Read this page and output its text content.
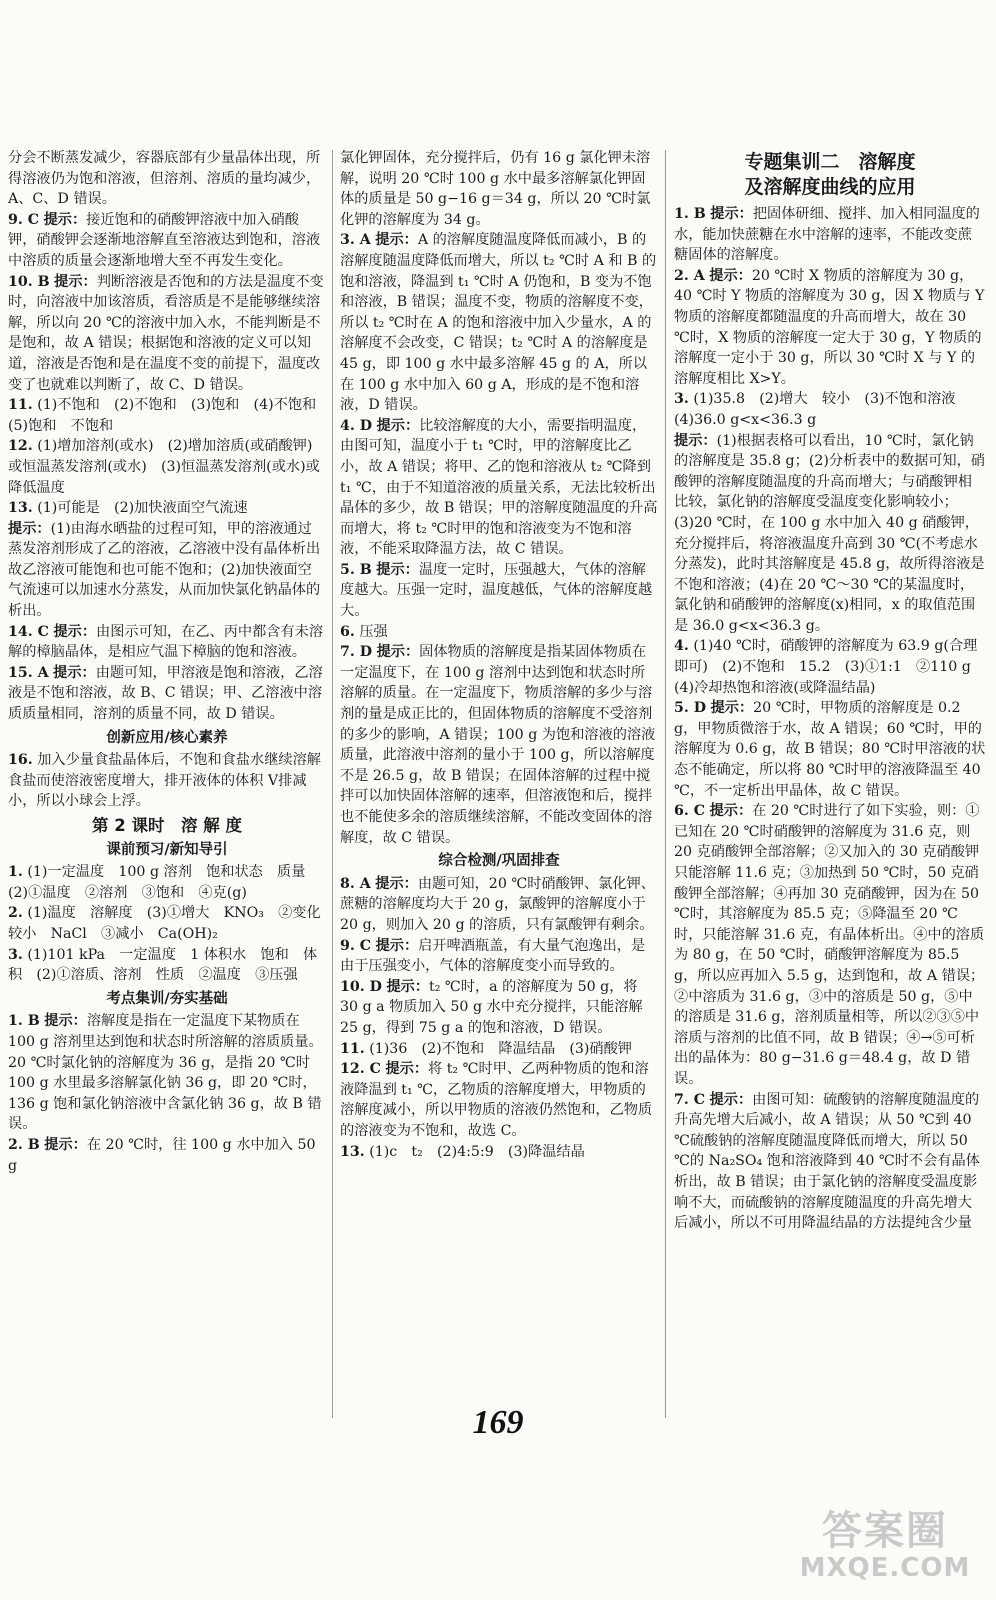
分会不断蒸发减少，容器底部有少量晶体出现，所得溶液仍为饱和溶液，但溶剂、溶质的量均减少，A、C、D 错误。

9. C 提示：接近饱和的硝酸钾溶液中加入硝酸钾，硝酸钾会逐渐地溶解直至溶液达到饱和，溶液中溶质的质量会逐渐地增大至不再发生变化。

10. B 提示：判断溶液是否饱和的方法是温度不变时，向溶液中加该溶质，看溶质是不是能够继续溶解，所以向 20 ℃的溶液中加入水，不能判断是不是饱和，故 A 错误；根据饱和溶液的定义可以知道，溶液是否饱和是在温度不变的前提下，温度改变了也就难以判断了，故 C、D 错误。

11. (1)不饱和　(2)不饱和　(3)饱和　(4)不饱和　(5)饱和　不饱和

12. (1)增加溶剂(或水)　(2)增加溶质(或硝酸钾)或恒温蒸发溶剂(或水)　(3)恒温蒸发溶剂(或水)或降低温度

13. (1)可能是　(2)加快液面空气流速

提示：(1)由海水晒盐的过程可知，甲的溶液通过蒸发溶剂形成了乙的溶液，乙溶液中没有晶体析出故乙溶液可能饱和也可能不饱和；(2)加快液面空气流速可以加速水分蒸发，从而加快氯化钠晶体的析出。

14. C 提示：由图示可知，在乙、丙中都含有未溶解的樟脑晶体，是相应气温下樟脑的饱和溶液。

15. A 提示：由题可知，甲溶液是饱和溶液，乙溶液是不饱和溶液，故 B、C 错误；甲、乙溶液中溶质质量相同，溶剂的质量不同，故 D 错误。

创新应用/核心素养

16. 加入少量食盐晶体后，不饱和食盐水继续溶解食盐而使溶液密度增大，排开液体的体积 V排减小，所以小球会上浮。

第 2 课时　溶 解 度
课前预习/新知导引

1. (1)一定温度　100 g 溶剂　饱和状态　质量　(2)①温度　②溶剂　③饱和　④克(g)

2. (1)温度　溶解度　(3)①增大　KNO₃　②变化较小　NaCl　③减小　Ca(OH)₂

3. (1)101 kPa　一定温度　1 体积水　饱和　体积　(2)①溶质、溶剂　性质　②温度　③压强

考点集训/夯实基础

1. B 提示：溶解度是指在一定温度下某物质在 100 g 溶剂里达到饱和状态时所溶解的溶质质量。20 ℃时氯化钠的溶解度为 36 g，是指 20 ℃时 100 g 水里最多溶解氯化钠 36 g，即 20 ℃时，136 g 饱和氯化钠溶液中含氯化钠 36 g，故 B 错误。

2. B 提示：在 20 ℃时，往 100 g 水中加入 50 g

氯化钾固体，充分搅拌后，仍有 16 g 氯化钾未溶解，说明 20 ℃时 100 g 水中最多溶解氯化钾固体的质量是 50 g−16 g＝34 g，所以 20 ℃时氯化钾的溶解度为 34 g。

3. A 提示：A 的溶解度随温度降低而减小，B 的溶解度随温度降低而增大，所以 t₂ ℃时 A 和 B 的饱和溶液，降温到 t₁ ℃时 A 仍饱和，B 变为不饱和溶液，B 错误；温度不变，物质的溶解度不变，所以 t₂ ℃时在 A 的饱和溶液中加入少量水，A 的溶解度不会改变，C 错误；t₂ ℃时 A 的溶解度是 45 g，即 100 g 水中最多溶解 45 g 的 A，所以在 100 g 水中加入 60 g A，形成的是不饱和溶液，D 错误。

4. D 提示：比较溶解度的大小，需要指明温度，由图可知，温度小于 t₁ ℃时，甲的溶解度比乙小，故 A 错误；将甲、乙的饱和溶液从 t₂ ℃降到 t₁ ℃，由于不知道溶液的质量关系，无法比较析出晶体的多少，故 B 错误；甲的溶解度随温度的升高而增大，将 t₂ ℃时甲的饱和溶液变为不饱和溶液，不能采取降温方法，故 C 错误。

5. B 提示：温度一定时，压强越大，气体的溶解度越大。压强一定时，温度越低，气体的溶解度越大。

6. 压强

7. D 提示：固体物质的溶解度是指某固体物质在一定温度下，在 100 g 溶剂中达到饱和状态时所溶解的质量。在一定温度下，物质溶解的多少与溶剂的量是成正比的，但固体物质的溶解度不受溶剂的多少的影响，A 错误；100 g 为饱和溶液的溶液质量，此溶液中溶剂的量小于 100 g，所以溶解度不是 26.5 g，故 B 错误；在固体溶解的过程中搅拌可以加快固体溶解的速率，但溶液饱和后，搅拌也不能使多余的溶质继续溶解，不能改变固体的溶解度，故 C 错误。

综合检测/巩固排查

8. A 提示：由题可知，20 ℃时硝酸钾、氯化钾、蔗糖的溶解度均大于 20 g，氯酸钾的溶解度小于 20 g，则加入 20 g 的溶质，只有氯酸钾有剩余。

9. C 提示：启开啤酒瓶盖，有大量气泡逸出，是由于压强变小，气体的溶解度变小而导致的。

10. D 提示：t₂ ℃时，a 的溶解度为 50 g，将 30 g a 物质加入 50 g 水中充分搅拌，只能溶解 25 g，得到 75 g a 的饱和溶液，D 错误。

11. (1)36　(2)不饱和　降温结晶　(3)硝酸钾

12. C 提示：将 t₂ ℃时甲、乙两种物质的饱和溶液降温到 t₁ ℃，乙物质的溶解度增大，甲物质的溶解度减小，所以甲物质的溶液仍然饱和，乙物质的溶液变为不饱和，故选 C。

13. (1)c　t₂　(2)4:5:9　(3)降温结晶

专题集训二　溶解度
及溶解度曲线的应用

1. B 提示：把固体研细、搅拌、加入相同温度的水，能加快蔗糖在水中溶解的速率，不能改变蔗糖固体的溶解度。

2. A 提示：20 ℃时 X 物质的溶解度为 30 g，40 ℃时 Y 物质的溶解度为 30 g，因 X 物质与 Y 物质的溶解度都随温度的升高而增大，故在 30 ℃时，X 物质的溶解度一定大于 30 g，Y 物质的溶解度一定小于 30 g，所以 30 ℃时 X 与 Y 的溶解度相比 X>Y。

3. (1)35.8　(2)增大　较小　(3)不饱和溶液　(4)36.0 g<x<36.3 g

提示：(1)根据表格可以看出，10 ℃时，氯化钠的溶解度是 35.8 g；(2)分析表中的数据可知，硝酸钾的溶解度随温度的升高而增大；与硝酸钾相比较，氯化钠的溶解度受温度变化影响较小；(3)20 ℃时，在 100 g 水中加入 40 g 硝酸钾，充分搅拌后，将溶液温度升高到 30 ℃(不考虑水分蒸发)，此时其溶解度是 45.8 g，故所得溶液是不饱和溶液；(4)在 20 ℃～30 ℃的某温度时，氯化钠和硝酸钾的溶解度(x)相同，x 的取值范围是 36.0 g<x<36.3 g。

4. (1)40 ℃时，硝酸钾的溶解度为 63.9 g(合理即可)　(2)不饱和　15.2　(3)①1:1　②110 g　(4)冷却热饱和溶液(或降温结晶)

5. D 提示：20 ℃时，甲物质的溶解度是 0.2 g，甲物质微溶于水，故 A 错误；60 ℃时，甲的溶解度为 0.6 g，故 B 错误；80 ℃时甲溶液的状态不能确定，所以将 80 ℃时甲的溶液降温至 40 ℃，不一定析出甲晶体，故 C 错误。

6. C 提示：在 20 ℃时进行了如下实验，则：①已知在 20 ℃时硝酸钾的溶解度为 31.6 克，则 20 克硝酸钾全部溶解；②又加入的 30 克硝酸钾只能溶解 11.6 克；③加热到 50 ℃时，50 克硝酸钾全部溶解；④再加 30 克硝酸钾，因为在 50 ℃时，其溶解度为 85.5 克；⑤降温至 20 ℃时，只能溶解 31.6 克，有晶体析出。④中的溶质为 80 g，在 50 ℃时，硝酸钾溶解度为 85.5 g，所以应再加入 5.5 g，达到饱和，故 A 错误；②中溶质为 31.6 g，③中的溶质是 50 g，⑤中的溶质是 31.6 g，溶剂质量相等，所以②③⑤中溶质与溶剂的比值不同，故 B 错误；④→⑤可析出的晶体为：80 g−31.6 g＝48.4 g，故 D 错误。

7. C 提示：由图可知：硫酸钠的溶解度随温度的升高先增大后减小，故 A 错误；从 50 ℃到 40 ℃硫酸钠的溶解度随温度降低而增大，所以 50 ℃的 Na₂SO₄ 饱和溶液降到 40 ℃时不会有晶体析出，故 B 错误；由于氯化钠的溶解度受温度影响不大，而硫酸钠的溶解度随温度的升高先增大后减小，所以不可用降温结晶的方法提纯含少量

169
答案圈
MXQE.COM
